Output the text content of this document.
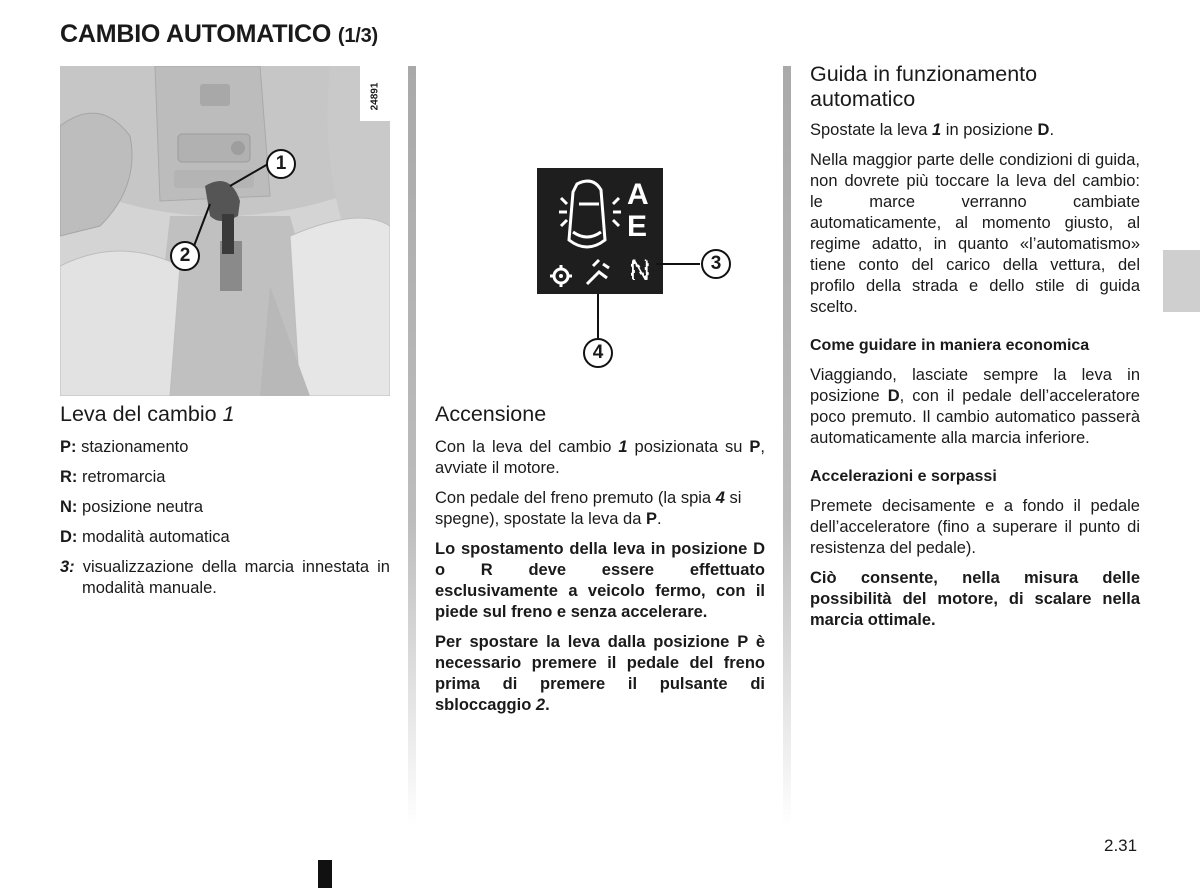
CAMBIO AUTOMATICO (1/3)
24891
1
2
A
E
N	3
4
Leva del cambio 1
P: stazionamento
R: retromarcia
N: posizione neutra
D: modalità automatica
3: visualizzazione della marcia innestata in modalità manuale.
Accensione

Con la leva del cambio 1 posizionata su P, avviate il motore.

Con pedale del freno premuto (la spia 4 si spegne), spostate la leva da P.

Lo spostamento della leva in posizione D o R deve essere effettuato esclusivamente a veicolo fermo, con il piede sul freno e senza accelerare.

Per spostare la leva dalla posizione P è necessario premere il pedale del freno prima di premere il pulsante di sbloccaggio 2.

Guida in funzionamento automatico

Spostate la leva 1 in posizione D.

Nella maggior parte delle condizioni di guida, non dovrete più toccare la leva del cambio: le marce verranno cambiate automaticamente, al momento giusto, al regime adatto, in quanto «l’automatismo» tiene conto del carico della vettura, del profilo della strada e dello stile di guida scelto.

Come guidare in maniera economica

Viaggiando, lasciate sempre la leva in posizione D, con il pedale dell’acceleratore poco premuto. Il cambio automatico passerà automaticamente alla marcia inferiore.

Accelerazioni e sorpassi

Premete decisamente e a fondo il pedale dell’acceleratore (fino a superare il punto di resistenza del pedale).

Ciò consente, nella misura delle possibilità del motore, di scalare nella marcia ottimale.

2.31
